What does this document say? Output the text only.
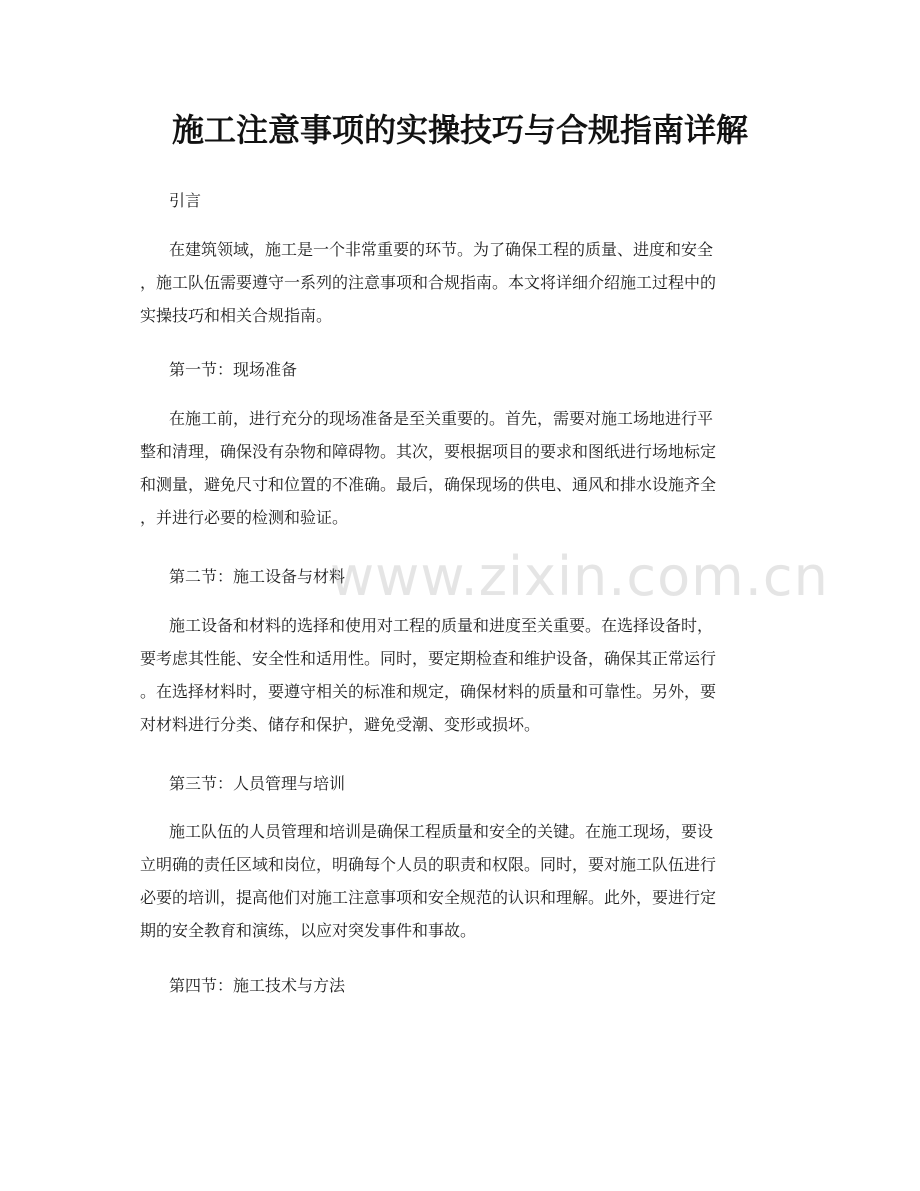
施工注意事项的实操技巧与合规指南详解
引言
在建筑领域，施工是一个非常重要的环节。为了确保工程的质量、进度和安全
，施工队伍需要遵守一系列的注意事项和合规指南。本文将详细介绍施工过程中的
实操技巧和相关合规指南。
第一节：现场准备
在施工前，进行充分的现场准备是至关重要的。首先，需要对施工场地进行平
整和清理，确保没有杂物和障碍物。其次，要根据项目的要求和图纸进行场地标定
和测量，避免尺寸和位置的不准确。最后，确保现场的供电、通风和排水设施齐全
，并进行必要的检测和验证。
第二节：施工设备与材料
施工设备和材料的选择和使用对工程的质量和进度至关重要。在选择设备时，
要考虑其性能、安全性和适用性。同时，要定期检查和维护设备，确保其正常运行
。在选择材料时，要遵守相关的标准和规定，确保材料的质量和可靠性。另外，要
对材料进行分类、储存和保护，避免受潮、变形或损坏。
第三节：人员管理与培训
施工队伍的人员管理和培训是确保工程质量和安全的关键。在施工现场，要设
立明确的责任区域和岗位，明确每个人员的职责和权限。同时，要对施工队伍进行
必要的培训，提高他们对施工注意事项和安全规范的认识和理解。此外，要进行定
期的安全教育和演练，以应对突发事件和事故。
第四节：施工技术与方法
www.zixin.com.cn
